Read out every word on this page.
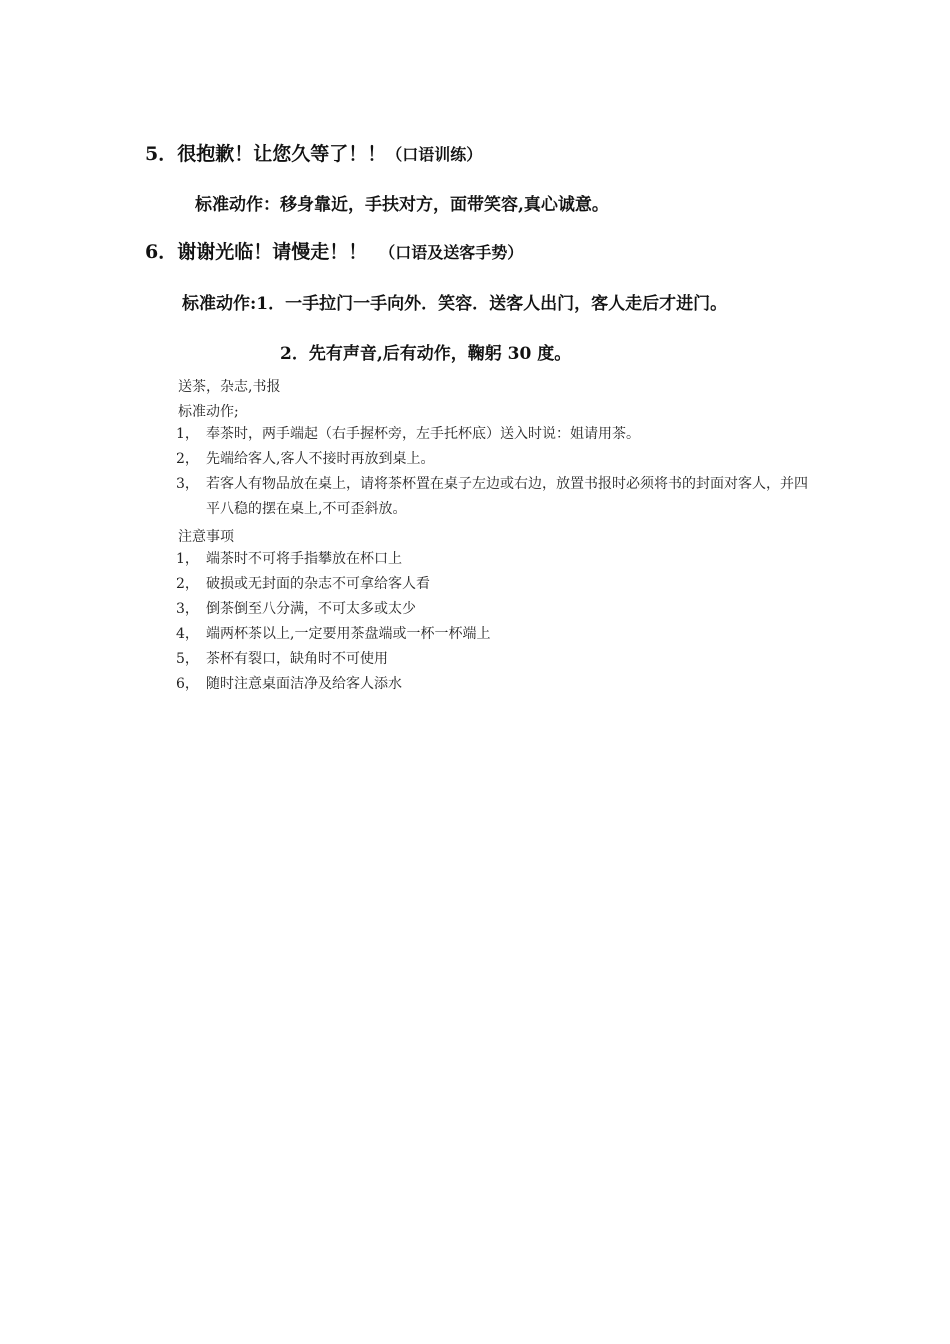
5．很抱歉！让您久等了！！（口语训练）
标准动作：移身靠近，手扶对方，面带笑容,真心诚意。
6．谢谢光临！请慢走！！ （口语及送客手势）
标准动作:1．一手拉门一手向外．笑容．送客人出门，客人走后才进门。
2．先有声音,后有动作，鞠躬 30 度。
送茶，杂志,书报
标准动作;
1， 奉茶时，两手端起（右手握杯旁，左手托杯底）送入时说：姐请用茶。
2， 先端给客人,客人不接时再放到桌上。
3， 若客人有物品放在桌上，请将茶杯置在桌子左边或右边，放置书报时必须将书的封面对客人，并四平八稳的摆在桌上,不可歪斜放。
注意事项
1， 端茶时不可将手指攀放在杯口上
2， 破损或无封面的杂志不可拿给客人看
3， 倒茶倒至八分满，不可太多或太少
4， 端两杯茶以上,一定要用茶盘端或一杯一杯端上
5， 茶杯有裂口，缺角时不可使用
6， 随时注意桌面洁净及给客人添水
